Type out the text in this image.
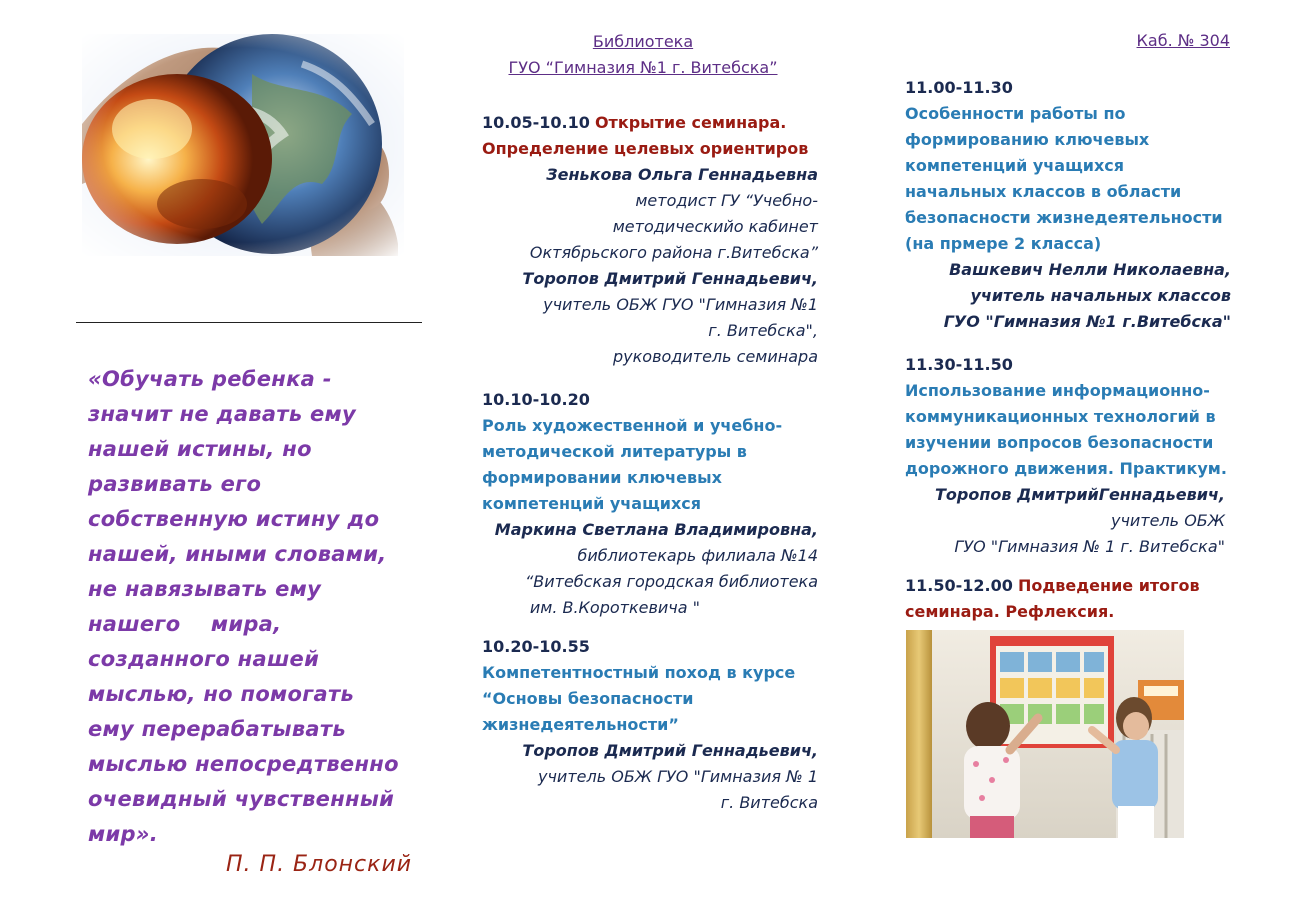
«Обучать ребенка -
значит не давать ему
нашей истины, но
развивать его
собственную истину до
нашей, иными словами,
не навязывать ему
нашего    мира,
созданного нашей
мыслью, но помогать
ему перерабатывать
мыслью непосредтвенно
очевидный чувственный
мир».
П. П. Блонский
Библиотека
ГУО “Гимназия №1 г. Витебска”
10.05-10.10 Открытие семинара.
Определение целевых ориентиров
Зенькова Ольга Геннадьевна
методист ГУ “Учебно-
методическийо кабинет
Октябрьского района г.Витебска”
Торопов Дмитрий Геннадьевич,
учитель ОБЖ ГУО "Гимназия №1
г. Витебска",
руководитель семинара
10.10-10.20
Роль художественной и учебно-
методической литературы в
формировании ключевых
компетенций учащихся
Маркина Светлана Владимировна,
библиотекарь филиала №14
“Витебская городская библиотека
им. В.Короткевича "
10.20-10.55
Компетентностный поход в курсе
“Основы безопасности
жизнедеятельности”
Торопов Дмитрий Геннадьевич,
учитель ОБЖ ГУО "Гимназия № 1
г. Витебска
Каб. № 304
11.00-11.30
Особенности работы по
формированию ключевых
компетенций учащихся
начальных классов в области
безопасности жизнедеятельности
(на прмере 2 класса)
Вашкевич Нелли Николаевна,
учитель начальных классов
ГУО "Гимназия №1 г.Витебска"
11.30-11.50
Использование информационно-
коммуникационных технологий в
изучении вопросов безопасности
дорожного движения. Практикум.
Торопов ДмитрийГеннадьевич,
учитель ОБЖ
ГУО "Гимназия № 1 г. Витебска"
11.50-12.00 Подведение итогов
семинара. Рефлексия.
